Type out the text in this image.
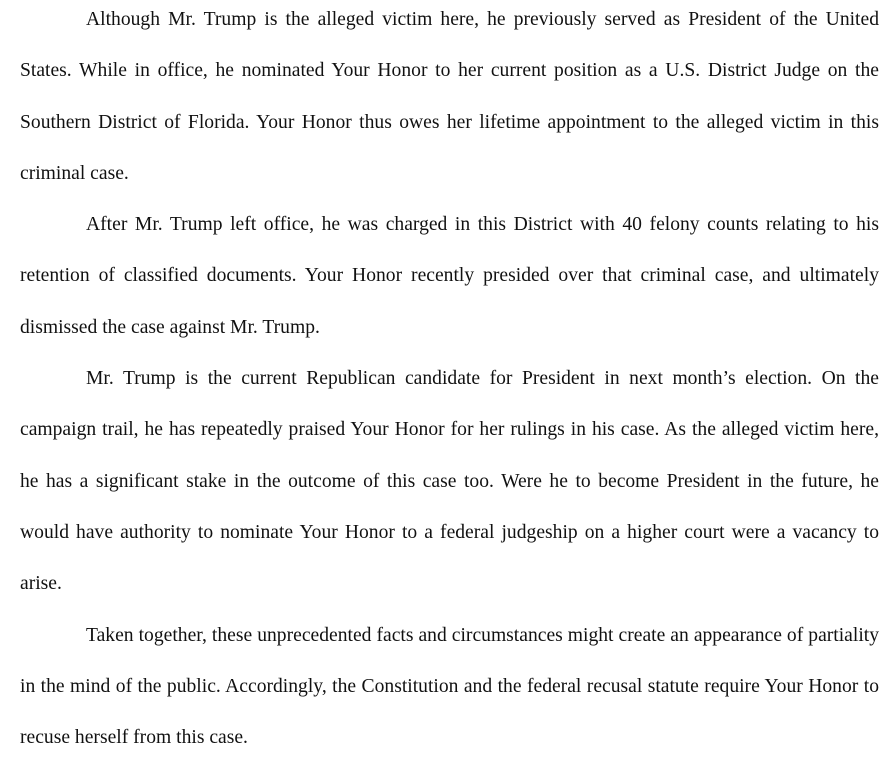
Although Mr. Trump is the alleged victim here, he previously served as President of the United States. While in office, he nominated Your Honor to her current position as a U.S. District Judge on the Southern District of Florida. Your Honor thus owes her lifetime appointment to the alleged victim in this criminal case.

After Mr. Trump left office, he was charged in this District with 40 felony counts relating to his retention of classified documents. Your Honor recently presided over that criminal case, and ultimately dismissed the case against Mr. Trump.

Mr. Trump is the current Republican candidate for President in next month’s election. On the campaign trail, he has repeatedly praised Your Honor for her rulings in his case. As the alleged victim here, he has a significant stake in the outcome of this case too. Were he to become President in the future, he would have authority to nominate Your Honor to a federal judgeship on a higher court were a vacancy to arise.

Taken together, these unprecedented facts and circumstances might create an appearance of partiality in the mind of the public. Accordingly, the Constitution and the federal recusal statute require Your Honor to recuse herself from this case.
